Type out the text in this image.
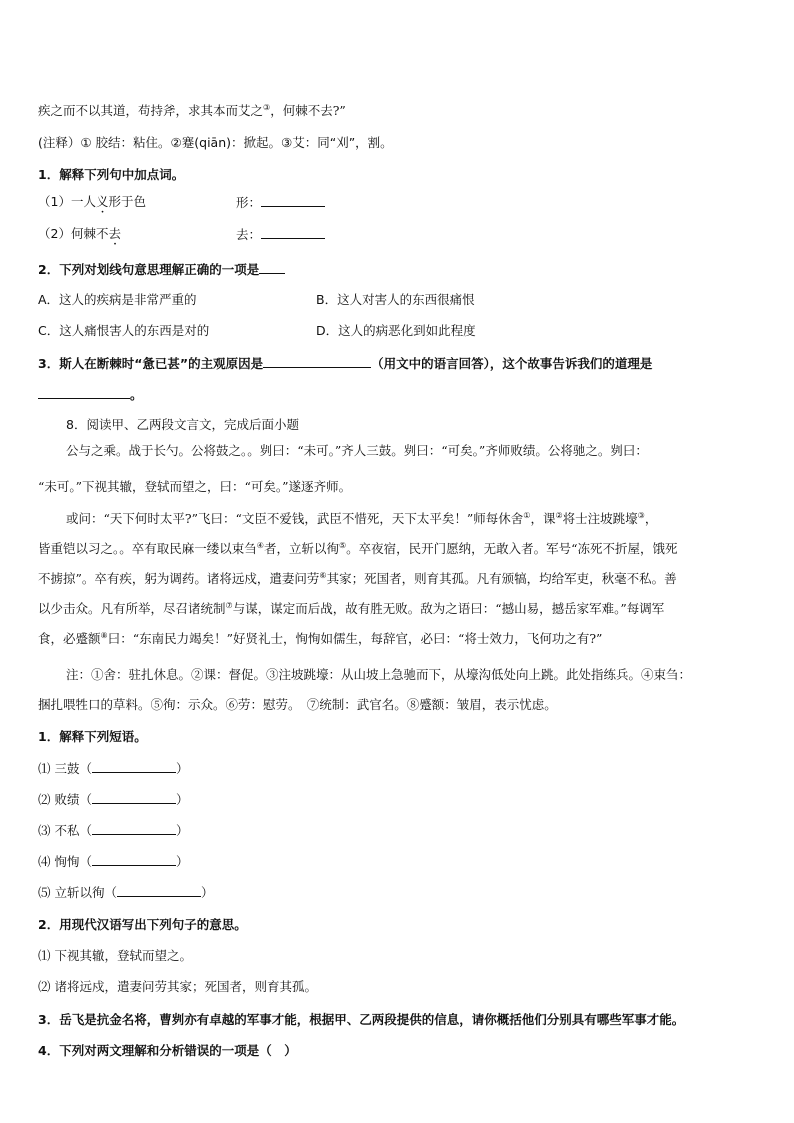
疾之而不以其道，苟持斧，求其本而艾之③，何棘不去?”
(注释）① 胶结：粘住。②蹇(qiān)：掀起。③艾：同“刈”，割。
1．解释下列句中加点词。
（1）一人义形于色	形：
（2）何棘不去	去：
2．下列对划线句意思理解正确的一项是
A．这人的疾病是非常严重的	B．这人对害人的东西很痛恨
C．这人痛恨害人的东西是对的	D．这人的病恶化到如此程度
3．斯人在断棘时“惫已甚”的主观原因是	（用文中的语言回答），这个故事告诉我们的道理是
。
8．阅读甲、乙两段文言文，完成后面小题
公与之乘。战于长勺。公将鼓之。。刿曰：“未可。”齐人三鼓。刿曰：“可矣。”齐师败绩。公将驰之。刿曰：
“未可。”下视其辙，登轼而望之，曰：“可矣。”遂逐齐师。
或问：“天下何时太平?”飞曰：“文臣不爱钱，武臣不惜死，天下太平矣！”师每休舍①，课②将士注坡跳壕③，
皆重铠以习之。。卒有取民麻一缕以束刍④者，立斩以徇⑤。卒夜宿，民开门愿纳，无敢入者。军号“冻死不折屋，饿死
不掳掠”。卒有疾，躬为调药。诸将远戍，遣妻问劳⑥其家；死国者，则育其孤。凡有颁犒，均给军吏，秋毫不私。善
以少击众。凡有所举，尽召诸统制⑦与谋，谋定而后战，故有胜无败。敌为之语曰：“撼山易，撼岳家军难。”每调军
食，必蹙额⑧曰：“东南民力竭矣！”好贤礼士，恂恂如儒生，每辞官，必曰：“将士效力，飞何功之有?”
注：①舍：驻扎休息。②课：督促。③注坡跳壕：从山坡上急驰而下，从壕沟低处向上跳。此处指练兵。④束刍：
捆扎喂牲口的草料。⑤徇：示众。⑥劳：慰劳。　⑦统制：武官名。⑧蹙额：皱眉，表示忧虑。
1．解释下列短语。
⑴ 三鼓（	）
⑵ 败绩（	）
⑶ 不私（	）
⑷ 恂恂（	）
⑸ 立斩以徇（	）
2．用现代汉语写出下列句子的意思。
⑴ 下视其辙，登轼而望之。
⑵ 诸将远戍，遣妻问劳其家；死国者，则育其孤。
3．岳飞是抗金名将，曹刿亦有卓越的军事才能，根据甲、乙两段提供的信息，请你概括他们分别具有哪些军事才能。
4．下列对两文理解和分析错误的一项是（　）
